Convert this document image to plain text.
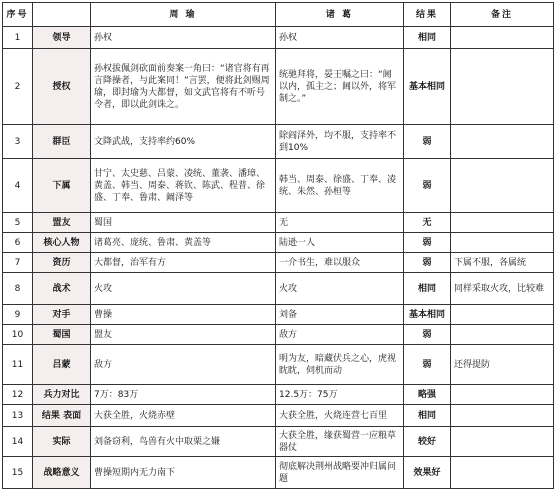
序号		周 瑜	诸 葛	结果	备注
1	领导	孙权	孙权	相同	
2	授权	孙权拔佩剑砍面前奏案一角曰：“诸官将有再言降操者，与此案同！”言罢，便将此剑赐周瑜，即封瑜为大都督，如文武官将有不听号令者，即以此剑诛之。	统驰拜将，晏王嘱之曰：“阃以内，孤主之；阃以外，将军制之。”	基本相同	
3	群臣	文降武战，支持率约60%	除阎泽外，均不服，支持率不到10%	弱	
4	下属	甘宁、太史慈、吕蒙、凌统、董袭、潘璋、黄盖、韩当、周泰、蒋钦、陈武、程普、徐盛、丁奉、鲁肃、阚泽等	韩当、周泰、徐盛、丁奉、凌统、朱然、孙桓等	弱	
5	盟友	蜀国	无	无	
6	核心人物	诸葛亮、庞统、鲁肃、黄盖等	陆逊一人	弱	
7	资历	大都督，治军有方	一介书生，难以服众	弱	下属不服，各属统
8	战术	火攻	火攻	相同	同样采取火攻，比较难
9	对手	曹操	刘备	基本相同	
10	蜀国	盟友	敌方	弱	
11	吕蒙	敌方	明为友，暗藏伏兵之心，虎视眈眈，伺机而动	弱	还得提防
12	兵力对比	7万：83万	12.5万：75万	略强	
13	结果 表面	大获全胜，火烧赤壁	大获全胜，火烧连营七百里	相同	
14	实际	刘备窃利，鸟兽有火中取栗之嫌	大获全胜，缘获蜀营一应粮草器仗	较好	
15	战略意义	曹操短期内无力南下	彻底解决荆州战略要冲归属问题	效果好	
